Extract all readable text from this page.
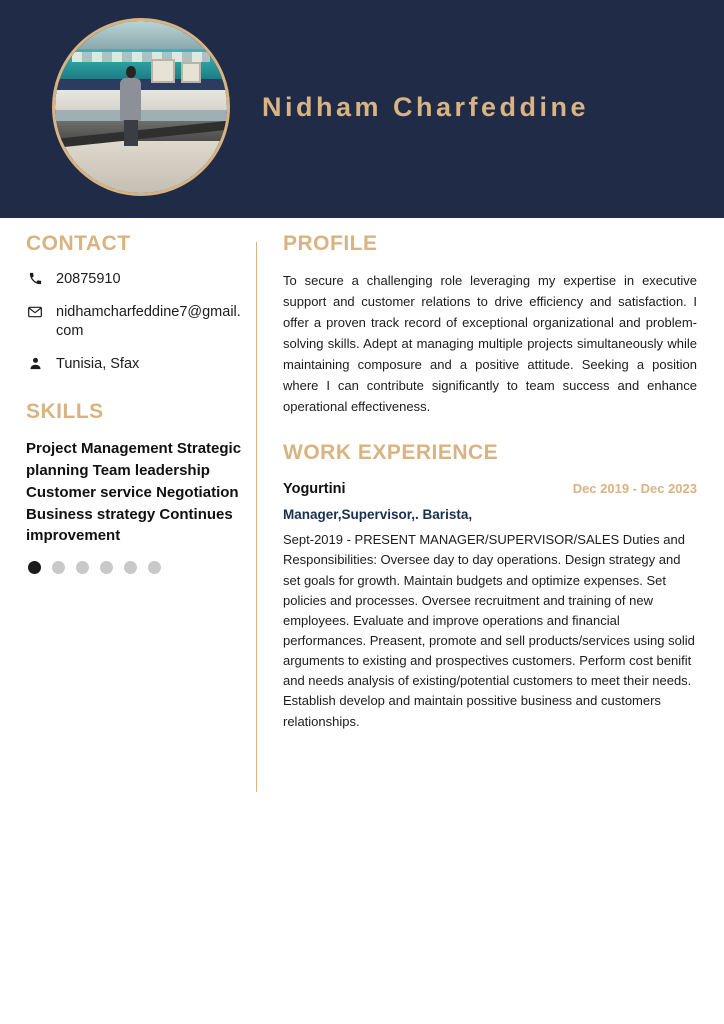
Nidham Charfeddine
CONTACT
20875910
nidhamcharfeddine7@gmail.com
Tunisia, Sfax
SKILLS
Project Management Strategic planning Team leadership Customer service Negotiation Business strategy Continues improvement
PROFILE
To secure a challenging role leveraging my expertise in executive support and customer relations to drive efficiency and satisfaction. I offer a proven track record of exceptional organizational and problem-solving skills. Adept at managing multiple projects simultaneously while maintaining composure and a positive attitude. Seeking a position where I can contribute significantly to team success and enhance operational effectiveness.
WORK EXPERIENCE
Yogurtini	Dec 2019 - Dec 2023
Manager,Supervisor,. Barista,
Sept-2019 - PRESENT MANAGER/SUPERVISOR/SALES Duties and Responsibilities: Oversee day to day operations. Design strategy and set goals for growth. Maintain budgets and optimize expenses. Set policies and processes. Oversee recruitment and training of new employees. Evaluate and improve operations and financial performances. Preasent, promote and sell products/services using solid arguments to existing and prospectives customers. Perform cost benifit and needs analysis of existing/potential customers to meet their needs. Establish develop and maintain possitive business and customers relationships.
